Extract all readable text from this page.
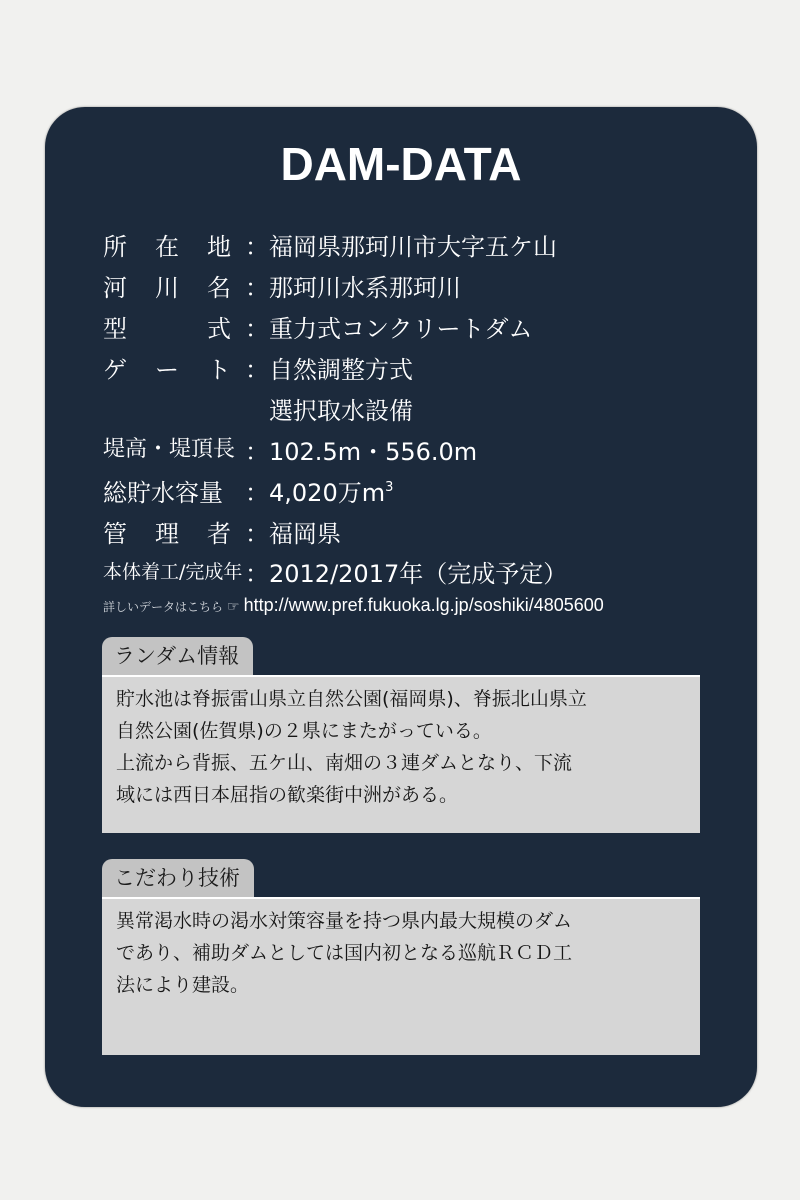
DAM-DATA
所在地 ： 福岡県那珂川市大字五ケ山
河川名 ： 那珂川水系那珂川
型式 ： 重力式コンクリートダム
ゲート ： 自然調整方式
選択取水設備
堤高・堤頂長 ： 102.5m・556.0m
総貯水容量 ： 4,020万$m^3$
管理者 ： 福岡県
本体着工/完成年 ： 2012/2017年（完成予定）
詳しいデータはこちら ☞ http://www.pref.fukuoka.lg.jp/soshiki/4805600
ランダム情報

貯水池は脊振雷山県立自然公園(福岡県)、脊振北山県立

自然公園(佐賀県)の２県にまたがっている。

上流から背振、五ケ山、南畑の３連ダムとなり、下流

域には西日本屈指の歓楽街中洲がある。

こだわり技術

異常渇水時の渇水対策容量を持つ県内最大規模のダム

であり、補助ダムとしては国内初となる巡航ＲＣＤ工

法により建設。
